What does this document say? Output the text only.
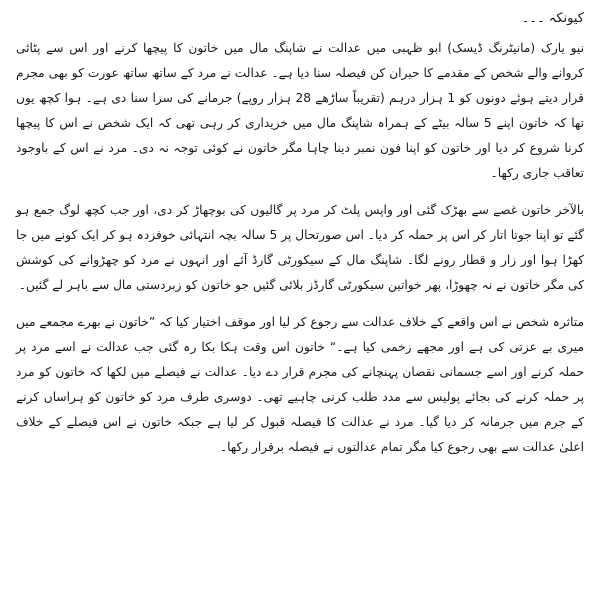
کیونکہ ۔۔۔

نیو یارک (مانیٹرنگ ڈیسک) ابو ظہبی میں عدالت نے شاپنگ مال میں خاتون کا پیچھا کرنے اور اس سے پٹائی کروانے والے شخص کے مقدمے کا حیران کن فیصلہ سنا دیا ہے۔ عدالت نے مرد کے ساتھ ساتھ عورت کو بھی مجرم قرار دیتے ہوئے دونوں کو 1 ہزار درہم (تقریباً ساڑھے 28 ہزار روپے) جرمانے کی سزا سنا دی ہے۔ ہوا کچھ یوں تھا کہ خاتون اپنے 5 سالہ بیٹے کے ہمراہ شاپنگ مال میں خریداری کر رہی تھی کہ ایک شخص نے اس کا پیچھا کرنا شروع کر دیا اور خاتون کو اپنا فون نمبر دینا چاہا مگر خاتون نے کوئی توجہ نہ دی۔ مرد نے اس کے باوجود تعاقب جاری رکھا۔

بالآخر خاتون غصے سے بھڑک گئی اور واپس پلٹ کر مرد پر گالیوں کی بوچھاڑ کر دی، اور جب کچھ لوگ جمع ہو گئے تو اپنا جوتا اتار کر اس پر حملہ کر دیا۔ اس صورتحال پر 5 سالہ بچہ انتہائی خوفزدہ ہو کر ایک کونے میں جا کھڑا ہوا اور زار و قطار رونے لگا۔ شاپنگ مال کے سیکورٹی گارڈ آئے اور انہوں نے مرد کو چھڑوانے کی کوشش کی مگر خاتون نے نہ چھوڑا، پھر خواتین سیکورٹی گارڈز بلائی گئیں جو خاتون کو زبردستی مال سے باہر لے گئیں۔

متاثرہ شخص نے اس واقعے کے خلاف عدالت سے رجوع کر لیا اور موقف اختیار کیا کہ ”خاتون نے بھرے مجمعے میں میری بے عزتی کی ہے اور مجھے زخمی کیا ہے۔“ خاتون اس وقت ہکا بکا رہ گئی جب عدالت نے اسے مرد پر حملہ کرنے اور اسے جسمانی نقصان پہنچانے کی مجرم قرار دے دیا۔ عدالت نے فیصلے میں لکھا کہ خاتون کو مرد پر حملہ کرنے کی بجائے پولیس سے مدد طلب کرنی چاہیے تھی۔ دوسری طرف مرد کو خاتون کو ہراساں کرنے کے جرم میں جرمانہ کر دیا گیا۔ مرد نے عدالت کا فیصلہ قبول کر لیا ہے جبکہ خاتون نے اس فیصلے کے خلاف اعلیٰ عدالت سے بھی رجوع کیا مگر تمام عدالتوں نے فیصلہ برقرار رکھا۔
